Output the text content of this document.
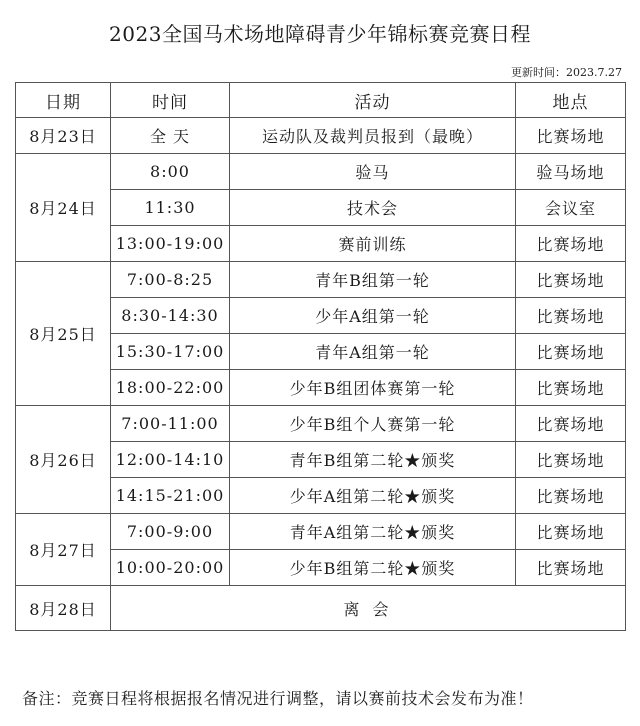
2023全国马术场地障碍青少年锦标赛竞赛日程
更新时间：2023.7.27
日期	时间	活动	地点
8月23日	全 天	运动队及裁判员报到（最晚）	比赛场地
8月24日	8:00	验马	验马场地
	11:30	技术会	会议室
	13:00-19:00	赛前训练	比赛场地
8月25日	7:00-8:25	青年B组第一轮	比赛场地
	8:30-14:30	少年A组第一轮	比赛场地
	15:30-17:00	青年A组第一轮	比赛场地
	18:00-22:00	少年B组团体赛第一轮	比赛场地
8月26日	7:00-11:00	少年B组个人赛第一轮	比赛场地
	12:00-14:10	青年B组第二轮★颁奖	比赛场地
	14:15-21:00	少年A组第二轮★颁奖	比赛场地
8月27日	7:00-9:00	青年A组第二轮★颁奖	比赛场地
	10:00-20:00	少年B组第二轮★颁奖	比赛场地
8月28日	离 会		
备注：竞赛日程将根据报名情况进行调整，请以赛前技术会发布为准！
